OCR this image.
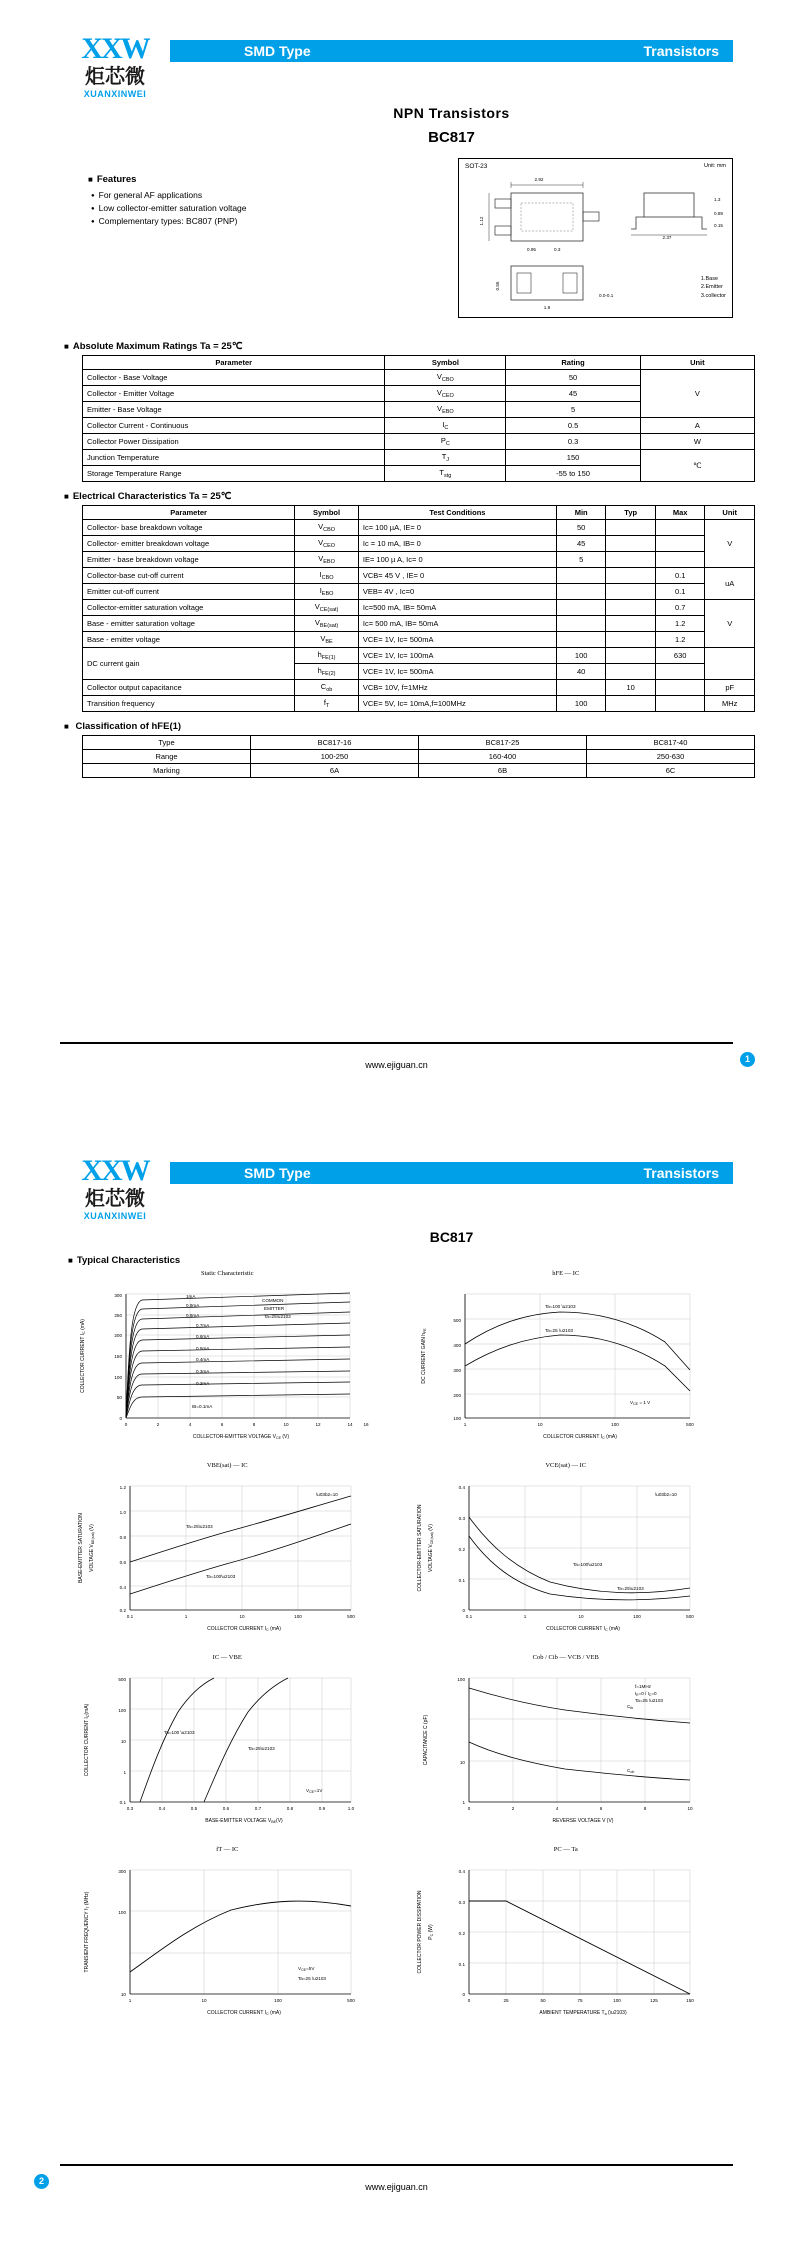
XXW
炬芯微
XUANXINWEI
SMD Type	Transistors
NPN Transistors
BC817
■ Features
● For general AF applications
● Low collector-emitter saturation voltage
● Complementary types: BC807 (PNP)
SOT-23	Unit: mm
2.92
1.12
0.95	0.3
1.3
0.89
0.15
2.37
1.9
0.55
0.0-0.1
1.Base
2.Emitter
3.collector
■ Absolute Maximum Ratings Ta = 25℃
Parameter	Symbol	Rating	Unit
Collector - Base Voltage	$V_{CBO}$	50	V
Collector - Emitter Voltage	$V_{CEO}$	45	
Emitter - Base Voltage	$V_{EBO}$	5	
Collector Current - Continuous	$I_C$	0.5	A
Collector Power Dissipation	$P_C$	0.3	W
Junction Temperature	$T_J$	150	℃
Storage Temperature Range	$T_{stg}$	-55 to 150	
■ Electrical Characteristics Ta = 25℃
Parameter	Symbol	Test Conditions	Min	Typ	Max	Unit
Collector- base breakdown voltage	$V_{CBO}$	Ic= 100 µA, IE= 0	50			V
Collector- emitter breakdown voltage	$V_{CEO}$	Ic = 10 mA, IB= 0	45			
Emitter - base breakdown voltage	$V_{EBO}$	IE= 100 µ A, Ic= 0	5			
Collector-base cut-off current	$I_{CBO}$	VCB= 45 V , IE= 0			0.1	uA
Emitter cut-off current	$I_{EBO}$	VEB= 4V , Ic=0			0.1	
Collector-emitter saturation voltage	$V_{CE(sat)}$	Ic=500 mA, IB= 50mA			0.7	V
Base - emitter saturation voltage	$V_{BE(sat)}$	Ic= 500 mA, IB= 50mA			1.2	
Base - emitter voltage	$V_{BE}$	VCE= 1V, Ic= 500mA			1.2	
DC current gain	$h_{FE(1)}$	VCE= 1V, Ic= 100mA	100		630	
	$h_{FE(2)}$	VCE= 1V, Ic= 500mA	40			
Collector output capacitance	$C_{ob}$	VCB= 10V, f=1MHz		10		pF
Transition frequency	$f_T$	VCE= 5V, Ic= 10mA,f=100MHz	100			MHz
■ Classification of hFE(1)
Type	BC817-16	BC817-25	BC817-40
Range	100-250	160-400	250-630
Marking	6A	6B	6C
www.ejiguan.cn
1
XXW
炬芯微
XUANXINWEI
SMD Type	Transistors
BC817
■ Typical Characteristics
Static Characteristic
0	2	4	6	8	10	12	14 16
0
50
100
150
200
250
300	1mA
0.9mA
0.8mA
0.7mA
0.6mA
0.5mA
0.4mA
0.3mA
0.2mA
IB=0.1mA
COMMON
EMITTER
Ta=25\u2103
COLLECTOR-EMITTER VOLTAGE $V_{CE}$ (V)
COLLECTOR CURRENT $I_C$ (mA)
hFE — IC
1	10	100	500
100
200
300
400
500
Ta=100 \u2103
Ta=25 \u2103
$V_{CE} = 1$ V
COLLECTOR CURRENT $I_C$ (mA)
DC CURRENT GAIN $h_{FE}$
VBE(sat) — IC
0.1	1	10	100	500
0.2
0.4
0.6
0.8
1.0
1.2
Ta=25\u2103
Ta=100\u2103
\u03b2=10
COLLECTOR CURRENT $I_C$ (mA)
BASE-EMITTER SATURATION VOLTAGE $V_{BE(sat)}$ (V)
VCE(sat) — IC
0.1	1	10	100	500
0
0.1
0.2
0.3
0.4
Ta=100\u2103
Ta=25\u2103
\u03b2=10
COLLECTOR CURRENT $I_C$ (mA)
COLLECTOR-EMITTER SATURATION VOLTAGE $V_{CE(sat)}$ (V)
IC — VBE
0.3	0.4	0.5	0.6	0.7	0.8	0.9	1.0
0.1
1
10
100
500
Ta=100 \u2103
Ta=25\u2103
$V_{CE}=1V$
BASE-EMITTER VOLTAGE $V_{BE}(V)$
COLLECTOR CURRENT $I_C(mA)$
Cob / Cib — VCB / VEB
0	2	4	6	8	10
1
10
100
$C_{ib}$
$C_{ob}$
f=1MHz
$I_E=0 / I_C=0$
Ta=25 \u2103
REVERSE VOLTAGE V (V)
CAPACITANCE C (pF)
fT — IC
1	10	100	500
10
100
300
$V_{CE}=5V$
Ta=25 \u2103
COLLECTOR CURRENT $I_C$ (mA)
TRANSIENT FREQUENCY $f_T$ (MHz)
PC — Ta
0	25	50	75	100	125	150
0
0.1
0.2
0.3
0.4
AMBIENT TEMPERATURE $T_a$ (\u2103)
COLLECTOR POWER DISSIPATION $P_C$ (W)
www.ejiguan.cn
2
